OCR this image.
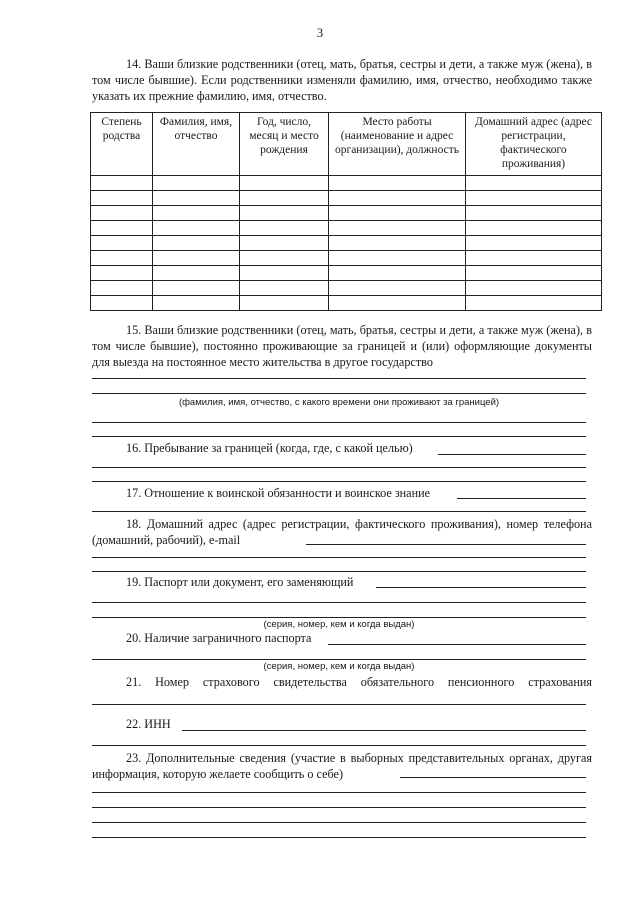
3
14. Ваши близкие родственники (отец, мать, братья, сестры и дети, а также муж (жена), в том числе бывшие). Если родственники изменяли фамилию, имя, отчество, необходимо также указать их прежние фамилию, имя, отчество.
Степень родства	Фамилия, имя, отчество	Год, число, месяц и место рождения	Место работы (наименование и адрес организации), должность	Домашний адрес (адрес регистрации, фактического проживания)

15. Ваши близкие родственники (отец, мать, братья, сестры и дети, а также муж (жена), в том числе бывшие), постоянно проживающие за границей и (или) оформляющие документы для выезда на постоянное место жительства в другое государство
(фамилия, имя, отчество, с какого времени они проживают за границей)
16. Пребывание за границей (когда, где, с какой целью)
17. Отношение к воинской обязанности и воинское знание
18. Домашний адрес (адрес регистрации, фактического проживания), номер телефона (домашний, рабочий), e-mail
19. Паспорт или документ, его заменяющий
(серия, номер, кем и когда выдан)
20. Наличие заграничного паспорта
(серия, номер, кем и когда выдан)
21. Номер страхового свидетельства обязательного пенсионного страхования
22. ИНН
23. Дополнительные сведения (участие в выборных представительных органах, другая информация, которую желаете сообщить о себе)
